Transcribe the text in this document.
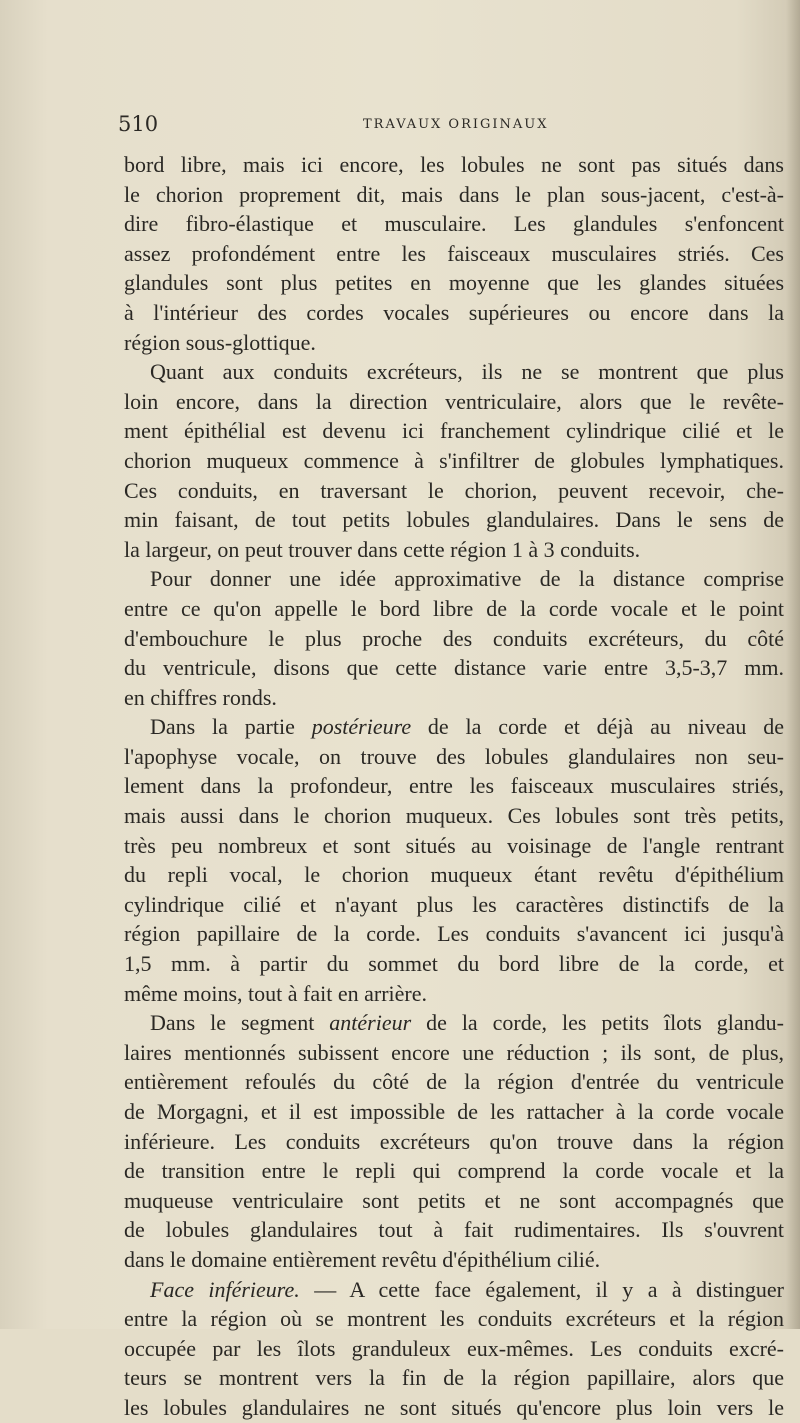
510	TRAVAUX ORIGINAUX
bord libre, mais ici encore, les lobules ne sont pas situés dans
le chorion proprement dit, mais dans le plan sous-jacent, c'est-à-
dire fibro-élastique et musculaire. Les glandules s'enfoncent
assez profondément entre les faisceaux musculaires striés. Ces
glandules sont plus petites en moyenne que les glandes situées
à l'intérieur des cordes vocales supérieures ou encore dans la
région sous-glottique.
Quant aux conduits excréteurs, ils ne se montrent que plus
loin encore, dans la direction ventriculaire, alors que le revête-
ment épithélial est devenu ici franchement cylindrique cilié et le
chorion muqueux commence à s'infiltrer de globules lymphatiques.
Ces conduits, en traversant le chorion, peuvent recevoir, che-
min faisant, de tout petits lobules glandulaires. Dans le sens de
la largeur, on peut trouver dans cette région 1 à 3 conduits.
Pour donner une idée approximative de la distance comprise
entre ce qu'on appelle le bord libre de la corde vocale et le point
d'embouchure le plus proche des conduits excréteurs, du côté
du ventricule, disons que cette distance varie entre 3,5-3,7 mm.
en chiffres ronds.
Dans la partie postérieure de la corde et déjà au niveau de
l'apophyse vocale, on trouve des lobules glandulaires non seu-
lement dans la profondeur, entre les faisceaux musculaires striés,
mais aussi dans le chorion muqueux. Ces lobules sont très petits,
très peu nombreux et sont situés au voisinage de l'angle rentrant
du repli vocal, le chorion muqueux étant revêtu d'épithélium
cylindrique cilié et n'ayant plus les caractères distinctifs de la
région papillaire de la corde. Les conduits s'avancent ici jusqu'à
1,5 mm. à partir du sommet du bord libre de la corde, et
même moins, tout à fait en arrière.
Dans le segment antérieur de la corde, les petits îlots glandu-
laires mentionnés subissent encore une réduction ; ils sont, de plus,
entièrement refoulés du côté de la région d'entrée du ventricule
de Morgagni, et il est impossible de les rattacher à la corde vocale
inférieure. Les conduits excréteurs qu'on trouve dans la région
de transition entre le repli qui comprend la corde vocale et la
muqueuse ventriculaire sont petits et ne sont accompagnés que
de lobules glandulaires tout à fait rudimentaires. Ils s'ouvrent
dans le domaine entièrement revêtu d'épithélium cilié.
Face inférieure. — A cette face également, il y a à distinguer
entre la région où se montrent les conduits excréteurs et la région
occupée par les îlots granduleux eux-mêmes. Les conduits excré-
teurs se montrent vers la fin de la région papillaire, alors que
les lobules glandulaires ne sont situés qu'encore plus loin vers le
